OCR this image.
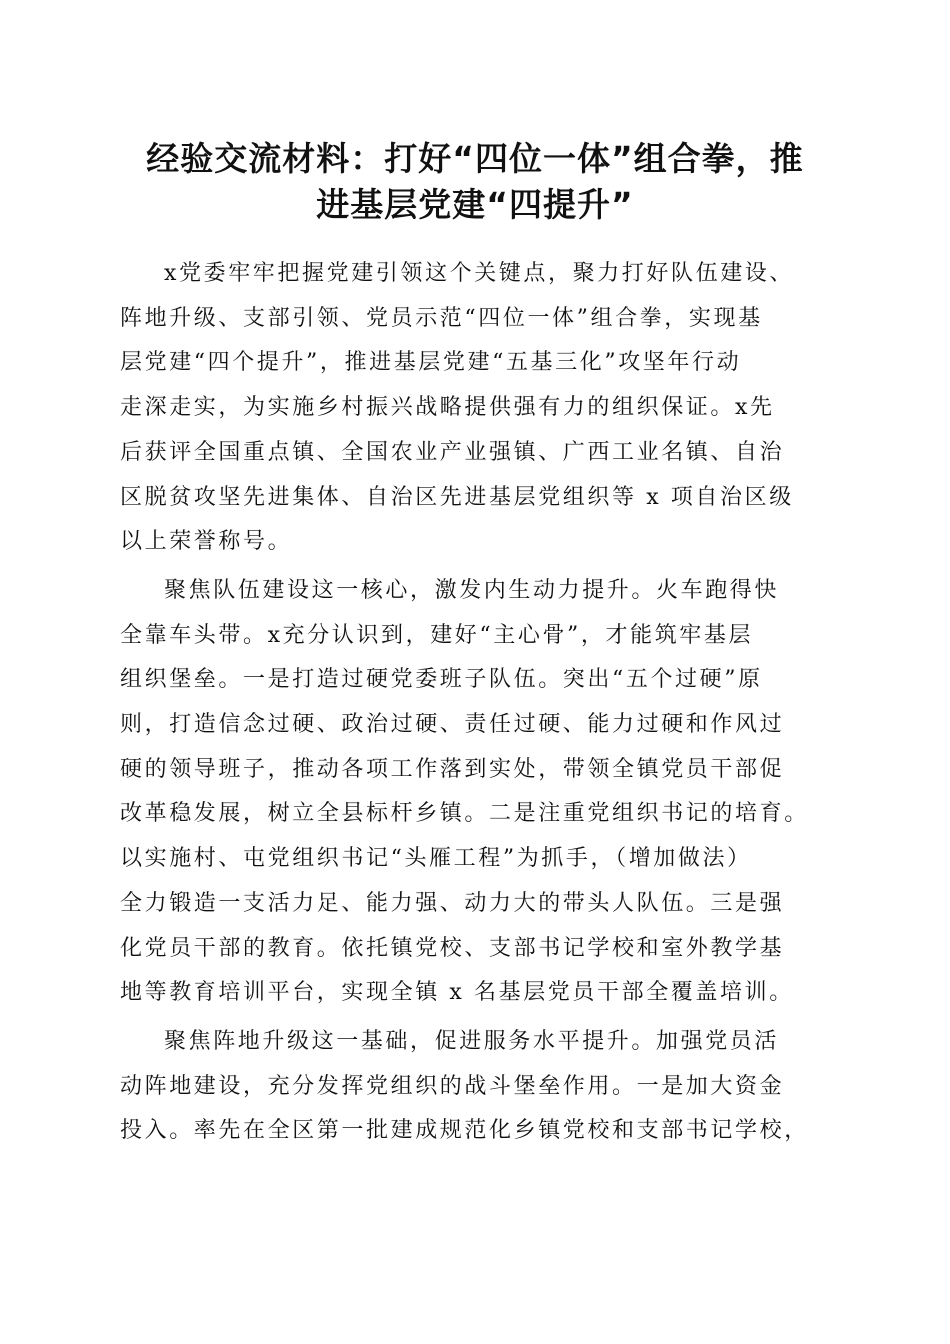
经验交流材料：打好“四位一体”组合拳，推
进基层党建“四提升”

x党委牢牢把握党建引领这个关键点，聚力打好队伍建设、
阵地升级、支部引领、党员示范“四位一体”组合拳，实现基
层党建“四个提升”，推进基层党建“五基三化”攻坚年行动
走深走实，为实施乡村振兴战略提供强有力的组织保证。x先
后获评全国重点镇、全国农业产业强镇、广西工业名镇、自治
区脱贫攻坚先进集体、自治区先进基层党组织等 x 项自治区级
以上荣誉称号。

聚焦队伍建设这一核心，激发内生动力提升。火车跑得快
全靠车头带。x充分认识到，建好“主心骨”，才能筑牢基层
组织堡垒。一是打造过硬党委班子队伍。突出“五个过硬”原
则，打造信念过硬、政治过硬、责任过硬、能力过硬和作风过
硬的领导班子，推动各项工作落到实处，带领全镇党员干部促
改革稳发展，树立全县标杆乡镇。二是注重党组织书记的培育。
以实施村、屯党组织书记“头雁工程”为抓手，（增加做法）
全力锻造一支活力足、能力强、动力大的带头人队伍。三是强
化党员干部的教育。依托镇党校、支部书记学校和室外教学基
地等教育培训平台，实现全镇 x 名基层党员干部全覆盖培训。

聚焦阵地升级这一基础，促进服务水平提升。加强党员活
动阵地建设，充分发挥党组织的战斗堡垒作用。一是加大资金
投入。率先在全区第一批建成规范化乡镇党校和支部书记学校，
